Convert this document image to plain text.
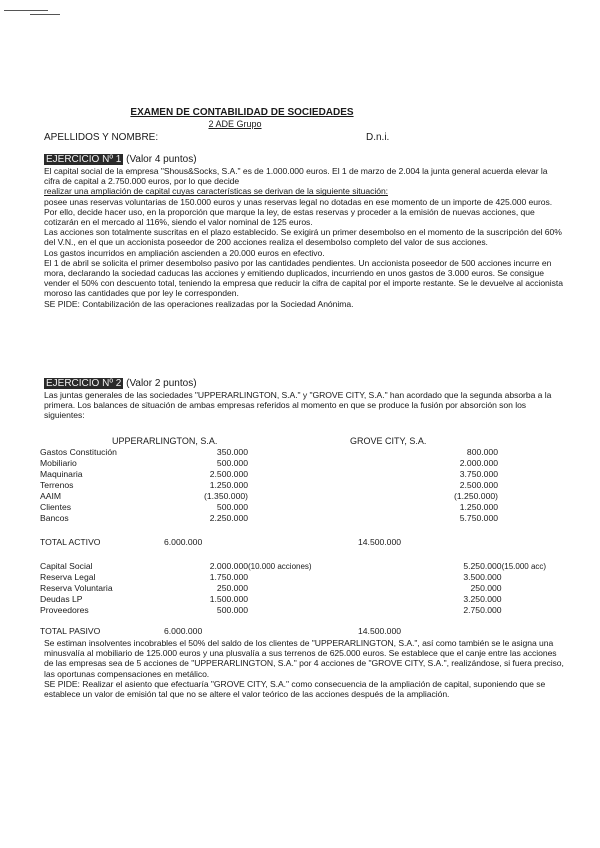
EXAMEN DE CONTABILIDAD DE SOCIEDADES
2 ADE Grupo
APELLIDOS Y NOMBRE:	D.n.i.
EJERCICIO Nº 1 (Valor 4 puntos)
El capital social de la empresa "Shous&Socks, S.A." es de 1.000.000 euros. El 1 de marzo de 2.004 la junta general acuerda elevar la cifra de capital a 2.750.000 euros, por lo que decide
realizar una ampliación de capital cuyas características se derivan de la siguiente situación:
posee unas reservas voluntarias de 150.000 euros y unas reservas legal no dotadas en ese momento de un importe de 425.000 euros. Por ello, decide hacer uso, en la proporción que marque la ley, de estas reservas y proceder a la emisión de nuevas acciones, que cotizarán en el mercado al 116%, siendo el valor nominal de 125 euros.
Las acciones son totalmente suscritas en el plazo establecido. Se exigirá un primer desembolso en el momento de la suscripción del 60% del V.N., en el que un accionista poseedor de 200 acciones realiza el desembolso completo del valor de sus acciones.
Los gastos incurridos en ampliación ascienden a 20.000 euros en efectivo.
El 1 de abril se solicita el primer desembolso pasivo por las cantidades pendientes. Un accionista poseedor de 500 acciones incurre en mora, declarando la sociedad caducas las acciones y emitiendo duplicados, incurriendo en unos gastos de 3.000 euros. Se consigue vender el 50% con descuento total, teniendo la empresa que reducir la cifra de capital por el importe restante. Se le devuelve al accionista moroso las cantidades que por ley le corresponden.
SE PIDE: Contabilización de las operaciones realizadas por la Sociedad Anónima.
EJERCICIO Nº 2 (Valor 2 puntos)
Las juntas generales de las sociedades "UPPERARLINGTON, S.A." y "GROVE CITY, S.A." han acordado que la segunda absorba a la primera. Los balances de situación de ambas empresas referidos al momento en que se produce la fusión por absorción son los siguientes:
UPPERARLINGTON, S.A.	GROVE CITY, S.A.
Gastos Constitución	350.000		800.000	
Mobiliario	500.000		2.000.000	
Maquinaria	2.500.000		3.750.000	
Terrenos	1.250.000		2.500.000	
AAIM	(1.350.000)		(1.250.000)	
Clientes	500.000		1.250.000	
Bancos	2.250.000		5.750.000	
TOTAL ACTIVO	6.000.000	14.500.000
Capital Social	2.000.000	(10.000 acciones)	5.250.000	(15.000 acc)
Reserva Legal	1.750.000		3.500.000	
Reserva Voluntaria	250.000		250.000	
Deudas LP	1.500.000		3.250.000	
Proveedores	500.000		2.750.000	
TOTAL PASIVO	6.000.000	14.500.000
Se estiman insolventes incobrables el 50% del saldo de los clientes de "UPPERARLINGTON, S.A.", así como también se le asigna una minusvalía al mobiliario de 125.000 euros y una plusvalía a sus terrenos de 625.000 euros. Se establece que el canje entre las acciones de las empresas sea de 5 acciones de "UPPERARLINGTON, S.A." por 4 acciones de "GROVE CITY, S.A.", realizándose, si fuera preciso, las oportunas compensaciones en metálico.
SE PIDE: Realizar el asiento que efectuaría "GROVE CITY, S.A." como consecuencia de la ampliación de capital, suponiendo que se establece un valor de emisión tal que no se altere el valor teórico de las acciones después de la ampliación.
